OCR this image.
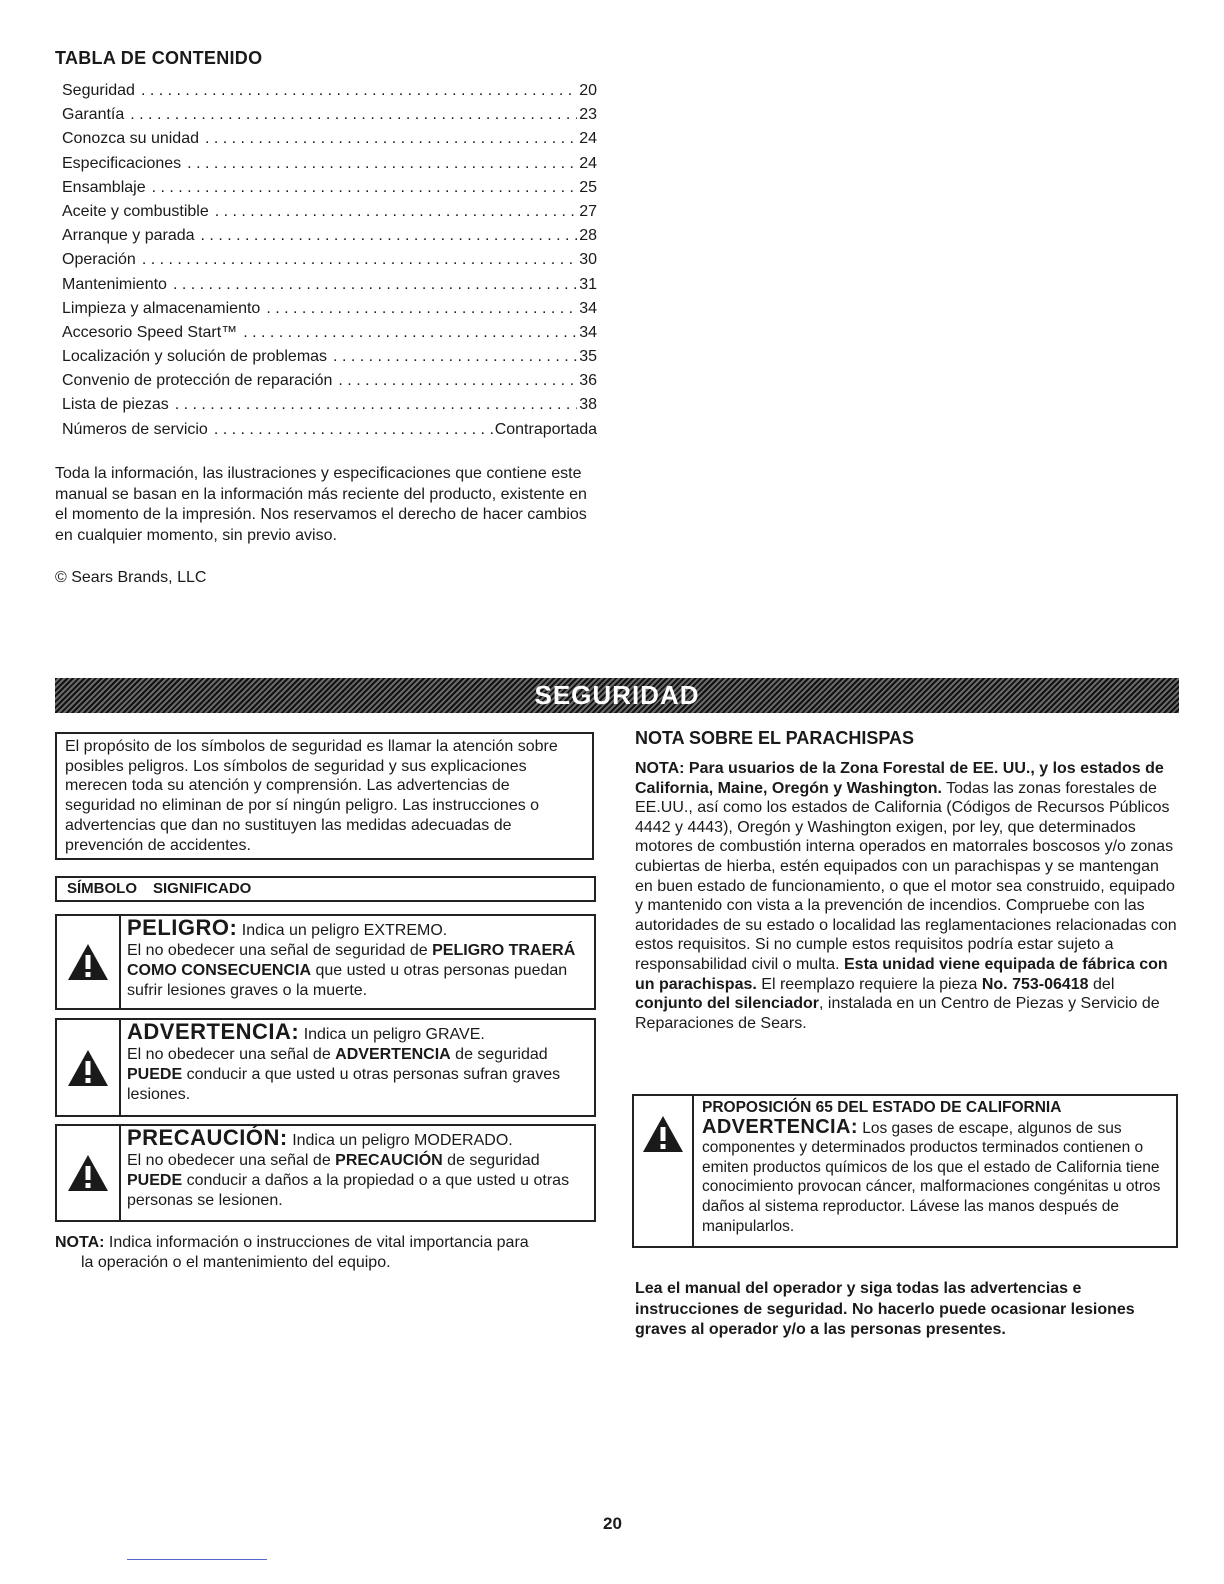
TABLA DE CONTENIDO
Seguridad . . .	20
Garantía . . .	23
Conozca su unidad . . .	24
Especificaciones . . .	24
Ensamblaje . . .	25
Aceite y combustible . . .	27
Arranque y parada . . .	28
Operación . . .	30
Mantenimiento . . .	31
Limpieza y almacenamiento . . .	34
Accesorio Speed Start™ . . .	34
Localización y solución de problemas . . .	35
Convenio de protección de reparación . . .	36
Lista de piezas . . .	38
Números de servicio . . .	Contraportada
Toda la información, las ilustraciones y especificaciones que contiene este manual se basan en la información más reciente del producto, existente en el momento de la impresión. Nos reservamos el derecho de hacer cambios en cualquier momento, sin previo aviso.
© Sears Brands, LLC
SEGURIDAD
El propósito de los símbolos de seguridad es llamar la atención sobre posibles peligros. Los símbolos de seguridad y sus explicaciones merecen toda su atención y comprensión. Las advertencias de seguridad no eliminan de por sí ningún peligro. Las instrucciones o advertencias que dan no sustituyen las medidas adecuadas de prevención de accidentes.
SÍMBOLO SIGNIFICADO
PELIGRO: Indica un peligro EXTREMO.
El no obedecer una señal de seguridad de PELIGRO TRAERÁ COMO CONSECUENCIA que usted u otras personas puedan sufrir lesiones graves o la muerte.
ADVERTENCIA: Indica un peligro GRAVE.
El no obedecer una señal de ADVERTENCIA de seguridad PUEDE conducir a que usted u otras personas sufran graves lesiones.
PRECAUCIÓN: Indica un peligro MODERADO.
El no obedecer una señal de PRECAUCIÓN de seguridad PUEDE conducir a daños a la propiedad o a que usted u otras personas se lesionen.
NOTA: Indica información o instrucciones de vital importancia para
la operación o el mantenimiento del equipo.
NOTA SOBRE EL PARACHISPAS
NOTA: Para usuarios de la Zona Forestal de EE. UU., y los estados de California, Maine, Oregón y Washington. Todas las zonas forestales de EE.UU., así como los estados de California (Códigos de Recursos Públicos 4442 y 4443), Oregón y Washington exigen, por ley, que determinados motores de combustión interna operados en matorrales boscosos y/o zonas cubiertas de hierba, estén equipados con un parachispas y se mantengan en buen estado de funcionamiento, o que el motor sea construido, equipado y mantenido con vista a la prevención de incendios. Compruebe con las autoridades de su estado o localidad las reglamentaciones relacionadas con estos requisitos. Si no cumple estos requisitos podría estar sujeto a responsabilidad civil o multa. Esta unidad viene equipada de fábrica con un parachispas. El reemplazo requiere la pieza No. 753-06418 del conjunto del silenciador, instalada en un Centro de Piezas y Servicio de Reparaciones de Sears.
PROPOSICIÓN 65 DEL ESTADO DE CALIFORNIA
ADVERTENCIA: Los gases de escape, algunos de sus componentes y determinados productos terminados contienen o emiten productos químicos de los que el estado de California tiene conocimiento provocan cáncer, malformaciones congénitas u otros daños al sistema reproductor. Lávese las manos después de manipularlos.
Lea el manual del operador y siga todas las advertencias e instrucciones de seguridad. No hacerlo puede ocasionar lesiones graves al operador y/o a las personas presentes.
20
